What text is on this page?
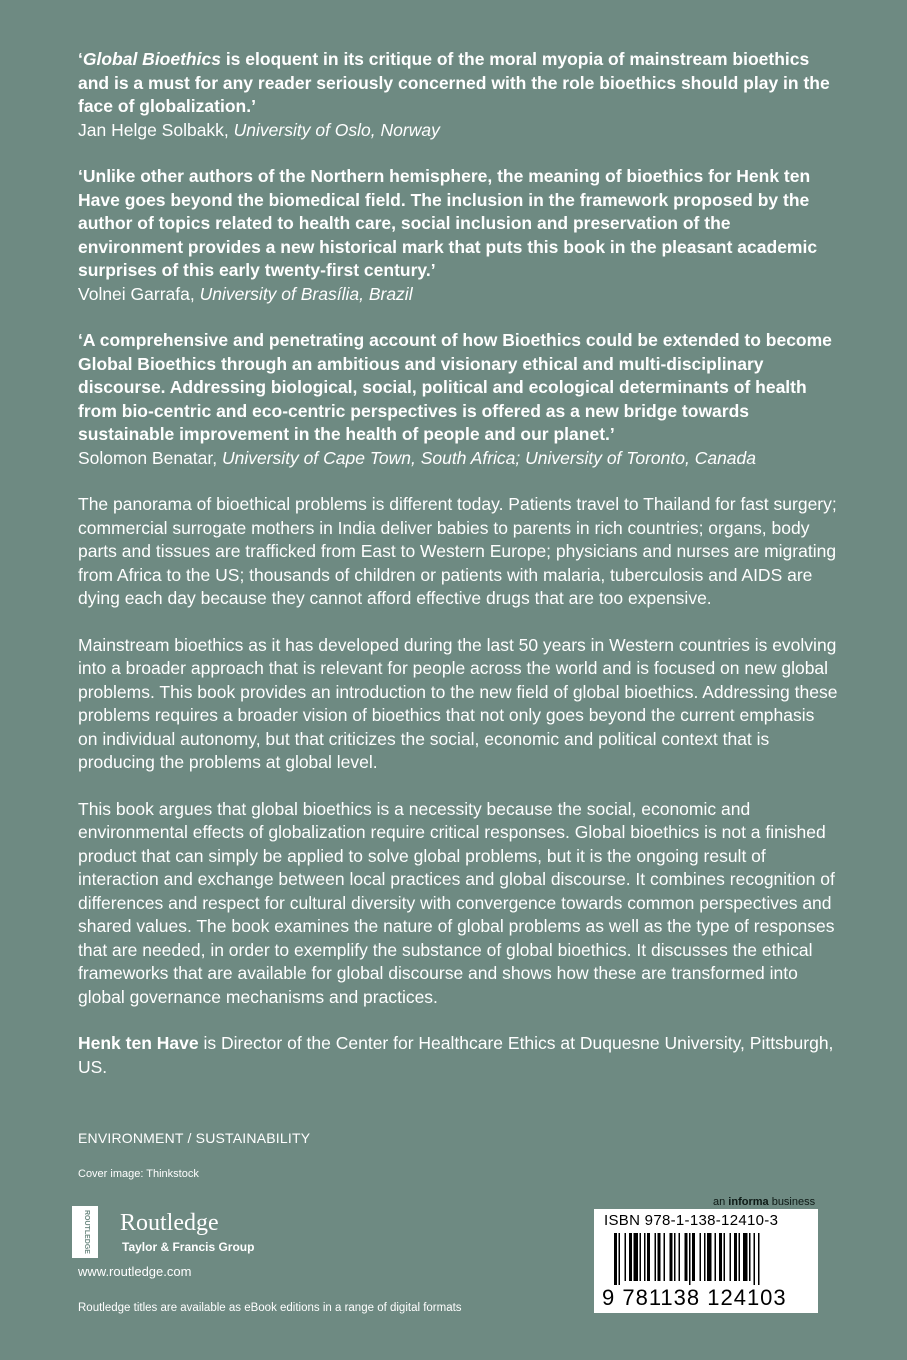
‘Global Bioethics is eloquent in its critique of the moral myopia of mainstream bioethics and is a must for any reader seriously concerned with the role bioethics should play in the face of globalization.’

Jan Helge Solbakk, University of Oslo, Norway

‘Unlike other authors of the Northern hemisphere, the meaning of bioethics for Henk ten Have goes beyond the biomedical field. The inclusion in the framework proposed by the author of topics related to health care, social inclusion and preservation of the environment provides a new historical mark that puts this book in the pleasant academic surprises of this early twenty-first century.’

Volnei Garrafa, University of Brasília, Brazil

‘A comprehensive and penetrating account of how Bioethics could be extended to become Global Bioethics through an ambitious and visionary ethical and multi-disciplinary discourse. Addressing biological, social, political and ecological determinants of health from bio-centric and eco-centric perspectives is offered as a new bridge towards sustainable improvement in the health of people and our planet.’

Solomon Benatar, University of Cape Town, South Africa; University of Toronto, Canada

The panorama of bioethical problems is different today. Patients travel to Thailand for fast surgery; commercial surrogate mothers in India deliver babies to parents in rich countries; organs, body parts and tissues are trafficked from East to Western Europe; physicians and nurses are migrating from Africa to the US; thousands of children or patients with malaria, tuberculosis and AIDS are dying each day because they cannot afford effective drugs that are too expensive.

Mainstream bioethics as it has developed during the last 50 years in Western countries is evolving into a broader approach that is relevant for people across the world and is focused on new global problems. This book provides an introduction to the new field of global bioethics. Addressing these problems requires a broader vision of bioethics that not only goes beyond the current emphasis on individual autonomy, but that criticizes the social, economic and political context that is producing the problems at global level.

This book argues that global bioethics is a necessity because the social, economic and environmental effects of globalization require critical responses. Global bioethics is not a finished product that can simply be applied to solve global problems, but it is the ongoing result of interaction and exchange between local practices and global discourse. It combines recognition of differences and respect for cultural diversity with convergence towards common perspectives and shared values. The book examines the nature of global problems as well as the type of responses that are needed, in order to exemplify the substance of global bioethics. It discusses the ethical frameworks that are available for global discourse and shows how these are transformed into global governance mechanisms and practices.

Henk ten Have is Director of the Center for Healthcare Ethics at Duquesne University, Pittsburgh, US.

ENVIRONMENT / SUSTAINABILITY
Cover image: Thinkstock
ROUTLEDGE Routledge
Taylor & Francis Group
www.routledge.com
Routledge titles are available as eBook editions in a range of digital formats
an informa business
ISBN 978-1-138-12410-3
9 781138 124103
